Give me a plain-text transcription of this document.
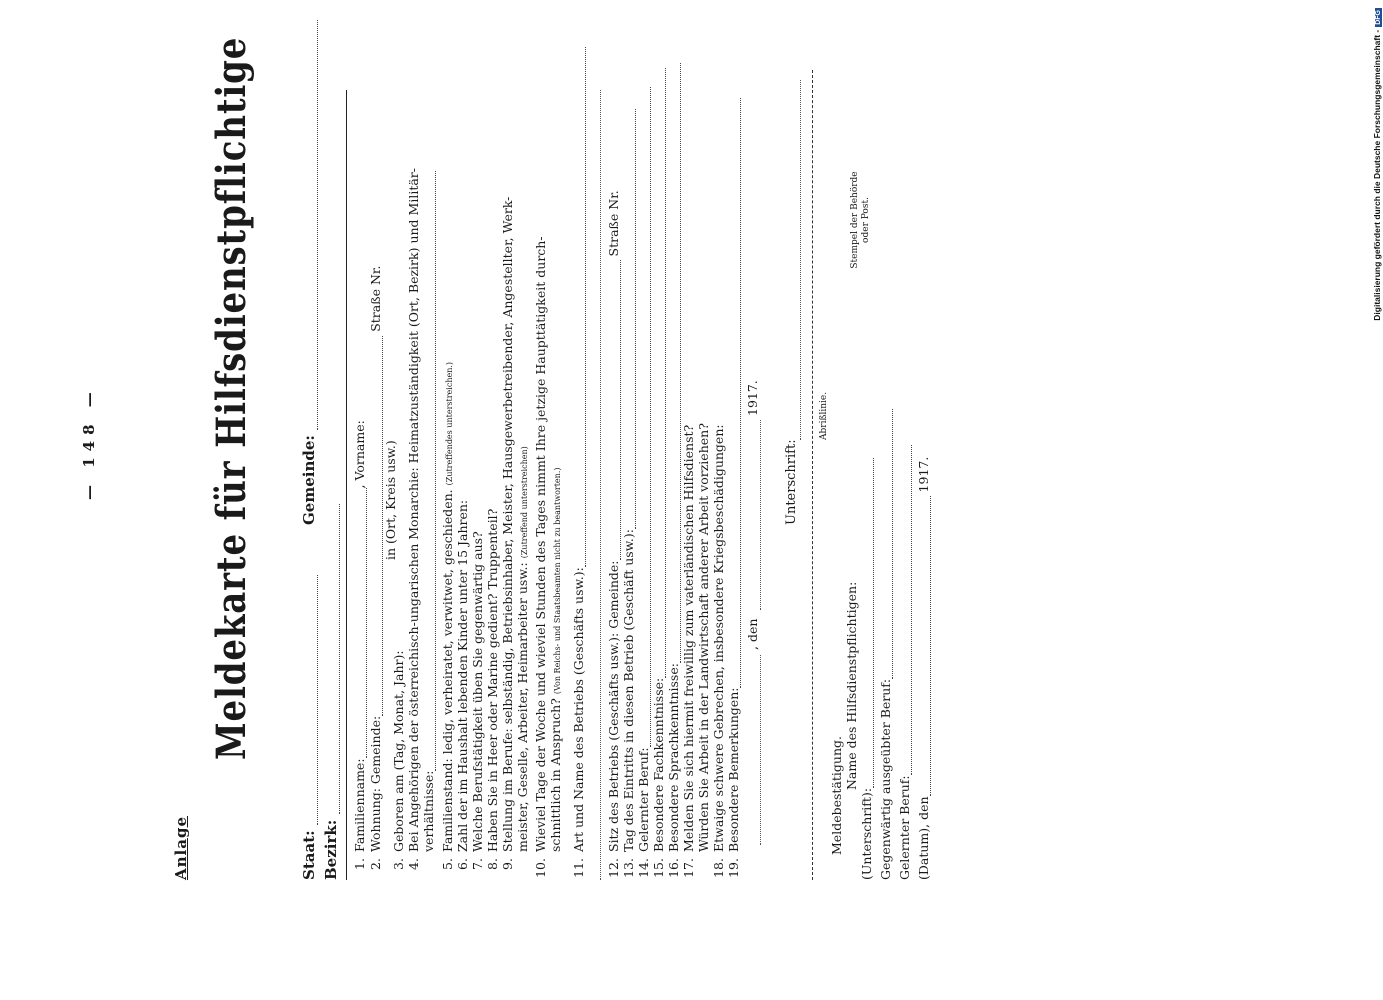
Digitalisierung gefördert durch die Deutsche Forschungsgemeinschaft -DFG
— 148 —
Anlage
Meldekarte für Hilfsdienstpflichtige
Staat:
Gemeinde:
Bezirk: 1.Familienname:, Vorname:
2.Wohnung: Gemeinde: Straße Nr.
in (Ort, Kreis usw.)
3.Geboren am (Tag, Monat, Jahr):
4.Bei Angehörigen der österreichisch-ungarischen Monarchie: Heimatzuständigkeit (Ort, Bezirk) und Militär- verhältnisse:
5.Familienstand: ledig, verheiratet, verwitwet, geschieden. (Zutreffendes unterstreichen.)
6.Zahl der im Haushalt lebenden Kinder unter 15 Jahren:
7.Welche Berufstätigkeit üben Sie gegenwärtig aus?
8.Haben Sie in Heer oder Marine gedient? Truppenteil?
9.Stellung im Berufe: selbständig, Betriebsinhaber, Meister, Hausgewerbetreibender, Angestellter, Werk- meister, Geselle, Arbeiter, Heimarbeiter usw.: (Zutreffend unterstreichen)
10.Wieviel Tage der Woche und wieviel Stunden des Tages nimmt Ihre jetzige Haupttätigkeit durch- schnittlich in Anspruch? (Von Reichs- und Staatsbeamten nicht zu beantworten.)
11.Art und Name des Betriebs (Geschäfts usw.):
12.Sitz des Betriebs (Geschäfts usw.): Gemeinde: Straße Nr.
13.Tag des Eintritts in diesen Betrieb (Geschäft usw.):
14.Gelernter Beruf:
15.Besondere Fachkenntnisse:
16.Besondere Sprachkenntnisse:
17.Melden Sie sich hiermit freiwillig zum vaterländischen Hilfsdienst? Würden Sie Arbeit in der Landwirtschaft anderer Arbeit vorziehen?
18.Etwaige schwere Gebrechen, insbesondere Kriegsbeschädigungen:
19.Besondere Bemerkungen:
, den
1917.
Unterschrift:
Abrißlinie.
Meldebestätigung.
Name des Hilfsdienstpflichtigen:
(Unterschrift): Gegenwärtig ausgeübter Beruf: Gelernter Beruf: (Datum), den 1917.
Stempel der Behörde oder Post.
